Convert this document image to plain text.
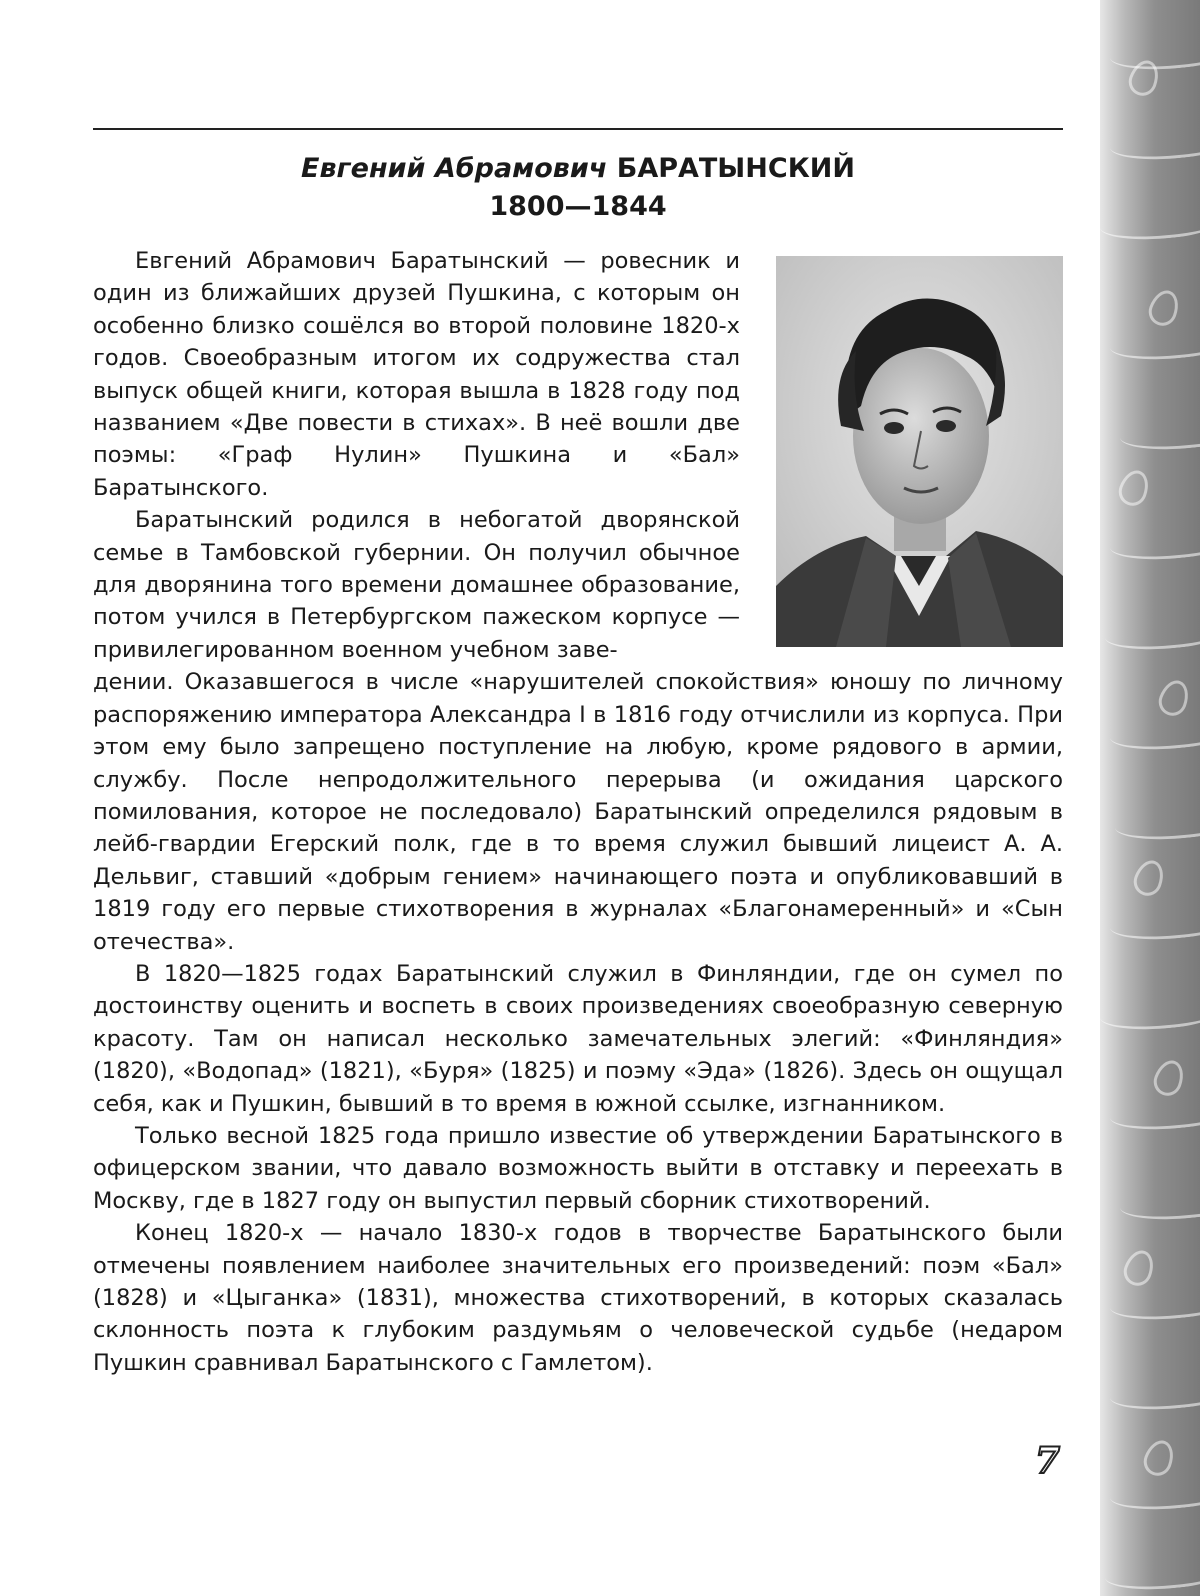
Евгений Абрамович БАРАТЫНСКИЙ
1800—1844

Евгений Абрамович Баратынский — ровесник и один из ближайших друзей Пушкина, с которым он особенно близко сошёлся во второй половине 1820-х годов. Своеобразным итогом их содружества стал выпуск общей книги, которая вышла в 1828 году под названием «Две повести в стихах». В неё вошли две поэмы: «Граф Нулин» Пушкина и «Бал» Баратынского.

Баратынский родился в небогатой дворянской семье в Тамбовской губернии. Он получил обычное для дворянина того времени домашнее образование, потом учился в Петербургском пажеском корпусе — привилегированном военном учебном заве-

дении. Оказавшегося в числе «нарушителей спокойствия» юношу по личному распоряжению императора Александра I в 1816 году отчислили из корпуса. При этом ему было запрещено поступление на любую, кроме рядового в армии, службу. После непродолжительного перерыва (и ожидания царского помилования, которое не последовало) Баратынский определился рядовым в лейб-гвардии Егерский полк, где в то время служил бывший лицеист А. А. Дельвиг, ставший «добрым гением» начинающего поэта и опубликовавший в 1819 году его первые стихотворения в журналах «Благонамеренный» и «Сын отечества».

В 1820—1825 годах Баратынский служил в Финляндии, где он сумел по достоинству оценить и воспеть в своих произведениях своеобразную северную красоту. Там он написал несколько замечательных элегий: «Финляндия» (1820), «Водопад» (1821), «Буря» (1825) и поэму «Эда» (1826). Здесь он ощущал себя, как и Пушкин, бывший в то время в южной ссылке, изгнанником.

Только весной 1825 года пришло известие об утверждении Баратынского в офицерском звании, что давало возможность выйти в отставку и переехать в Москву, где в 1827 году он выпустил первый сборник стихотворений.

Конец 1820-х — начало 1830-х годов в творчестве Баратынского были отмечены появлением наиболее значительных его произведений: поэм «Бал» (1828) и «Цыганка» (1831), множества стихотворений, в которых сказалась склонность поэта к глубоким раздумьям о человеческой судьбе (недаром Пушкин сравнивал Баратынского с Гамлетом).

7
